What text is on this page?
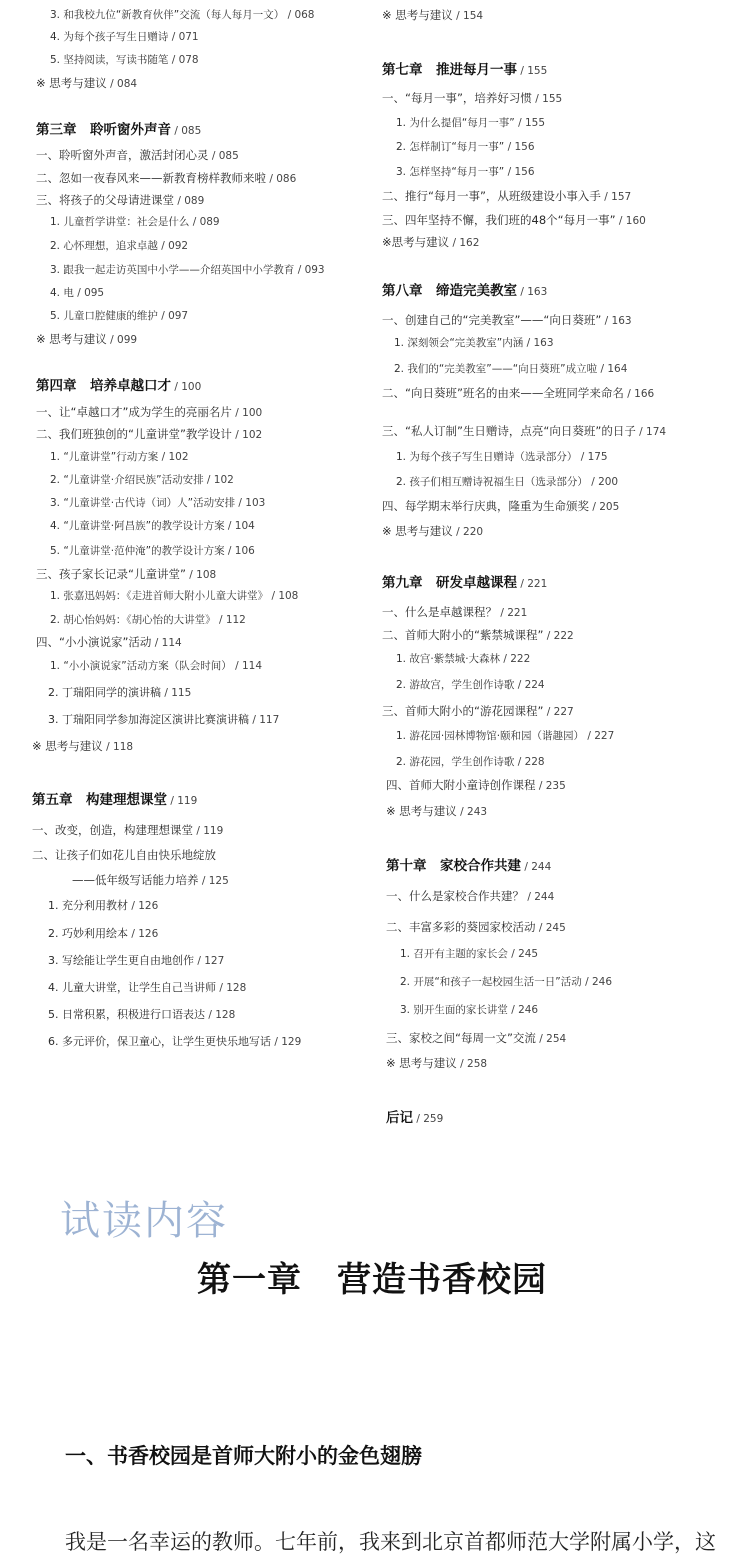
3. 和我校九位“新教育伙伴”交流（每人每月一文） / 068
4. 为每个孩子写生日赠诗 / 071
5. 坚持阅读，写读书随笔 / 078
※ 思考与建议 / 084
第三章　聆听窗外声音 / 085
一、聆听窗外声音，激活封闭心灵 / 085
二、忽如一夜春风来——新教育榜样教师来啦 / 086
三、将孩子的父母请进课堂 / 089
1. 儿童哲学讲堂：社会是什么 / 089
2. 心怀理想，追求卓越 / 092
3. 跟我一起走访英国中小学——介绍英国中小学教育 / 093
4. 电 / 095
5. 儿童口腔健康的维护 / 097
※ 思考与建议 / 099
第四章　培养卓越口才 / 100
一、让“卓越口才”成为学生的亮丽名片 / 100
二、我们班独创的“儿童讲堂”教学设计 / 102
1. “儿童讲堂”行动方案 / 102
2. “儿童讲堂·介绍民族”活动安排 / 102
3. “儿童讲堂·古代诗（词）人”活动安排 / 103
4. “儿童讲堂·阿昌族”的教学设计方案 / 104
5. “儿童讲堂·范仲淹”的教学设计方案 / 106
三、孩子家长记录“儿童讲堂” / 108
1. 张嘉迅妈妈：《走进首师大附小儿童大讲堂》 / 108
2. 胡心怡妈妈：《胡心怡的大讲堂》 / 112
四、“小小演说家”活动 / 114
1. “小小演说家”活动方案（队会时间） / 114
2. 丁瑞阳同学的演讲稿 / 115
3. 丁瑞阳同学参加海淀区演讲比赛演讲稿 / 117
※ 思考与建议 / 118
第五章　构建理想课堂 / 119
一、改变，创造，构建理想课堂 / 119
二、让孩子们如花儿自由快乐地绽放
——低年级写话能力培养 / 125
1. 充分利用教材 / 126
2. 巧妙利用绘本 / 126
3. 写绘能让学生更自由地创作 / 127
4. 儿童大讲堂，让学生自己当讲师 / 128
5. 日常积累，积极进行口语表达 / 128
6. 多元评价，保卫童心，让学生更快乐地写话 / 129
※ 思考与建议 / 154
第七章　推进每月一事 / 155
一、“每月一事”，培养好习惯 / 155
1. 为什么提倡“每月一事” / 155
2. 怎样制订“每月一事” / 156
3. 怎样坚持“每月一事” / 156
二、推行“每月一事”，从班级建设小事入手 / 157
三、四年坚持不懈，我们班的48个“每月一事” / 160
※思考与建议 / 162
第八章　缔造完美教室 / 163
一、创建自己的“完美教室”——“向日葵班” / 163
1. 深刻领会“完美教室”内涵 / 163
2. 我们的“完美教室”——“向日葵班”成立啦 / 164
二、“向日葵班”班名的由来——全班同学来命名 / 166
三、“私人订制”生日赠诗，点亮“向日葵班”的日子 / 174
1. 为每个孩子写生日赠诗（选录部分） / 175
2. 孩子们相互赠诗祝福生日（选录部分） / 200
四、每学期末举行庆典，隆重为生命颁奖 / 205
※ 思考与建议 / 220
第九章　研发卓越课程 / 221
一、什么是卓越课程？ / 221
二、首师大附小的“紫禁城课程” / 222
1. 故宫·紫禁城·大森林 / 222
2. 游故宫，学生创作诗歌 / 224
三、首师大附小的“游花园课程” / 227
1. 游花园·园林博物馆·颐和园（谐趣园） / 227
2. 游花园，学生创作诗歌 / 228
四、首师大附小童诗创作课程 / 235
※ 思考与建议 / 243
第十章　家校合作共建 / 244
一、什么是家校合作共建？ / 244
二、丰富多彩的葵园家校活动 / 245
1. 召开有主题的家长会 / 245
2. 开展“和孩子一起校园生活一日”活动 / 246
3. 别开生面的家长讲堂 / 246
三、家校之间“每周一文”交流 / 254
※ 思考与建议 / 258
后记 / 259
试读内容
第一章　营造书香校园
一、书香校园是首师大附小的金色翅膀
我是一名幸运的教师。七年前，我来到北京首都师范大学附属小学，这
